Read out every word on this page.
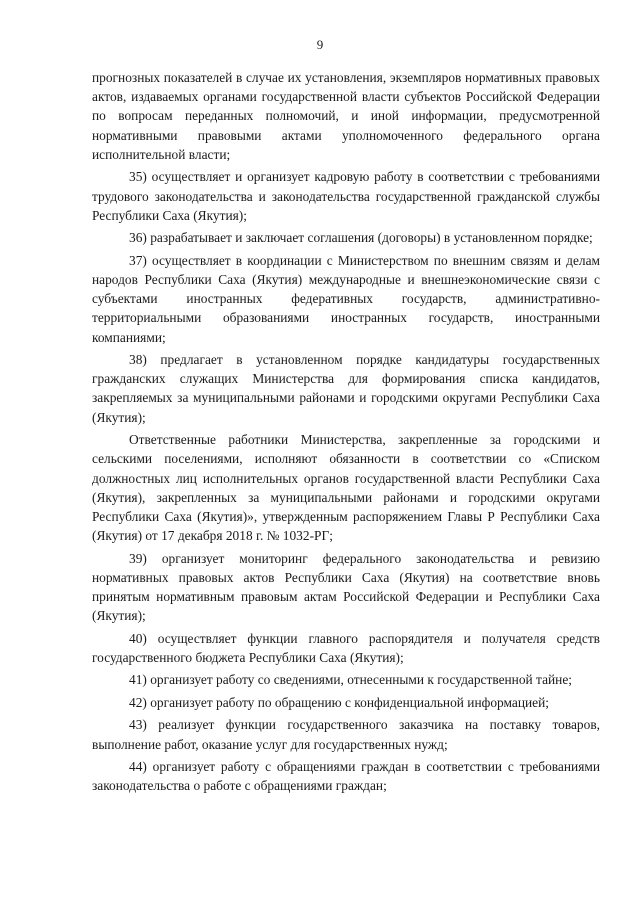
9

прогнозных показателей в случае их установления, экземпляров нормативных правовых актов, издаваемых органами государственной власти субъектов Российской Федерации по вопросам переданных полномочий, и иной информации, предусмотренной нормативными правовыми актами уполномоченного федерального органа исполнительной власти;

35) осуществляет и организует кадровую работу в соответствии с требованиями трудового законодательства и законодательства государственной гражданской службы Республики Саха (Якутия);

36) разрабатывает и заключает соглашения (договоры) в установленном порядке;

37) осуществляет в координации с Министерством по внешним связям и делам народов Республики Саха (Якутия) международные и внешнеэкономические связи с субъектами иностранных федеративных государств, административно-территориальными образованиями иностранных государств, иностранными компаниями;

38) предлагает в установленном порядке кандидатуры государственных гражданских служащих Министерства для формирования списка кандидатов, закрепляемых за муниципальными районами и городскими округами Республики Саха (Якутия);

Ответственные работники Министерства, закрепленные за городскими и сельскими поселениями, исполняют обязанности в соответствии со «Списком должностных лиц исполнительных органов государственной власти Республики Саха (Якутия), закрепленных за муниципальными районами и городскими округами Республики Саха (Якутия)», утвержденным распоряжением Главы Р Республики Саха (Якутия) от 17 декабря 2018 г. № 1032-РГ;

39) организует мониторинг федерального законодательства и ревизию нормативных правовых актов Республики Саха (Якутия) на соответствие вновь принятым нормативным правовым актам Российской Федерации и Республики Саха (Якутия);

40) осуществляет функции главного распорядителя и получателя средств государственного бюджета Республики Саха (Якутия);

41) организует работу со сведениями, отнесенными к государственной тайне;

42) организует работу по обращению с конфиденциальной информацией;

43) реализует функции государственного заказчика на поставку товаров, выполнение работ, оказание услуг для государственных нужд;

44) организует работу с обращениями граждан в соответствии с требованиями законодательства о работе с обращениями граждан;
